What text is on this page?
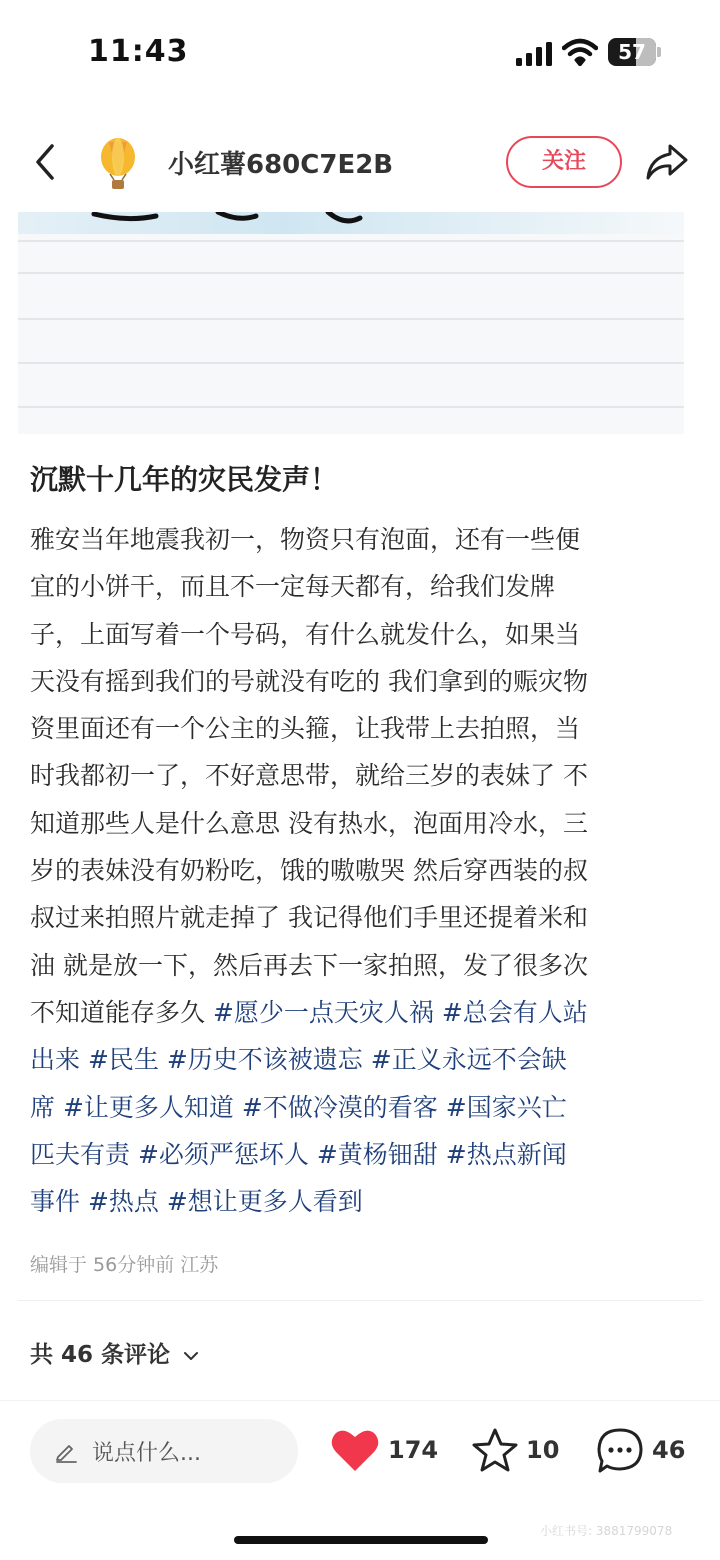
11:43	57
小红薯680C7E2B	关注
沉默十几年的灾民发声！
雅安当年地震我初一，物资只有泡面，还有一些便
宜的小饼干，而且不一定每天都有，给我们发牌
子，上面写着一个号码，有什么就发什么，如果当
天没有摇到我们的号就没有吃的 我们拿到的赈灾物
资里面还有一个公主的头箍，让我带上去拍照，当
时我都初一了，不好意思带，就给三岁的表妹了 不
知道那些人是什么意思 没有热水，泡面用冷水，三
岁的表妹没有奶粉吃，饿的嗷嗷哭 然后穿西装的叔
叔过来拍照片就走掉了 我记得他们手里还提着米和
油 就是放一下，然后再去下一家拍照，发了很多次
不知道能存多久 #愿少一点天灾人祸 #总会有人站
出来 #民生 #历史不该被遗忘 #正义永远不会缺
席 #让更多人知道 #不做冷漠的看客 #国家兴亡
匹夫有责 #必须严惩坏人 #黄杨钿甜 #热点新闻
事件 #热点 #想让更多人看到
编辑于 56分钟前 江苏
共 46 条评论
说点什么...	174	10	46
小红书号: 3881799078
